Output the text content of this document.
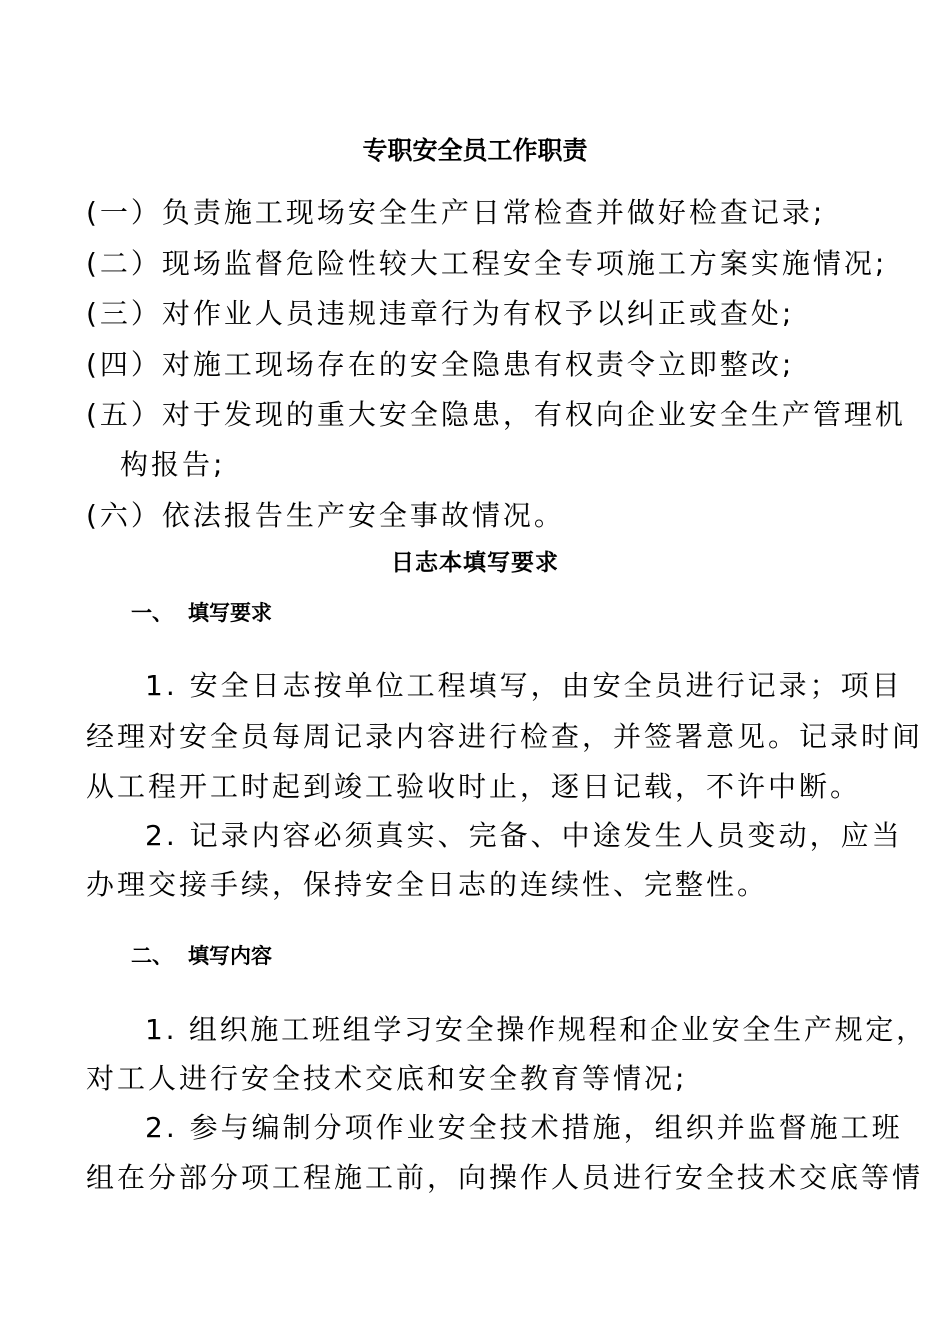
专职安全员工作职责
(一）负责施工现场安全生产日常检查并做好检查记录;
(二）现场监督危险性较大工程安全专项施工方案实施情况;
(三）对作业人员违规违章行为有权予以纠正或查处;
(四）对施工现场存在的安全隐患有权责令立即整改;
(五）对于发现的重大安全隐患，有权向企业安全生产管理机
构报告;
(六）依法报告生产安全事故情况。
日志本填写要求
一、 填写要求
1. 安全日志按单位工程填写，由安全员进行记录；项目
经理对安全员每周记录内容进行检查，并签署意见。记录时间
从工程开工时起到竣工验收时止，逐日记载，不许中断。
2. 记录内容必须真实、完备、中途发生人员变动，应当
办理交接手续，保持安全日志的连续性、完整性。
二、 填写内容
1. 组织施工班组学习安全操作规程和企业安全生产规定，
对工人进行安全技术交底和安全教育等情况;
2. 参与编制分项作业安全技术措施，组织并监督施工班
组在分部分项工程施工前，向操作人员进行安全技术交底等情
